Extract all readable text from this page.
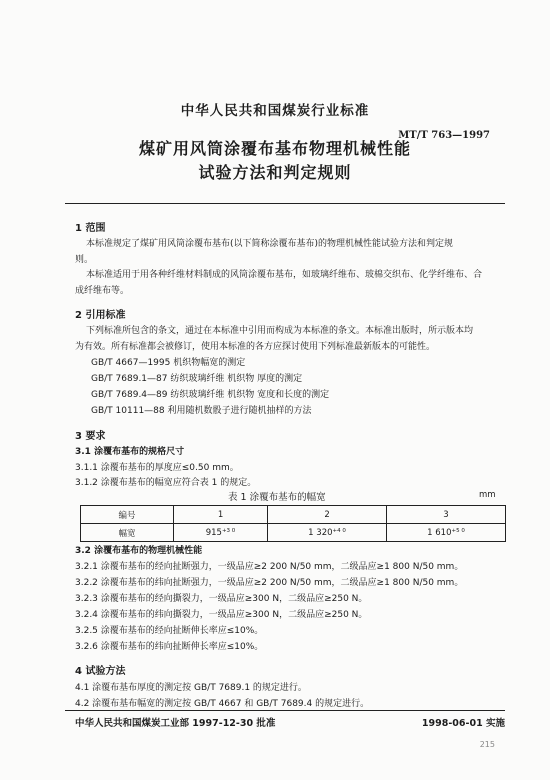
中华人民共和国煤炭行业标准
MT/T 763—1997
煤矿用风筒涂覆布基布物理机械性能
试验方法和判定规则
1 范围
本标准规定了煤矿用风筒涂覆布基布(以下简称涂覆布基布)的物理机械性能试验方法和判定规
则。
本标准适用于用各种纤维材料制成的风筒涂覆布基布，如玻璃纤维布、玻棉交织布、化学纤维布、合
成纤维布等。
2 引用标准
下列标准所包含的条文，通过在本标准中引用而构成为本标准的条文。本标准出版时，所示版本均
为有效。所有标准都会被修订，使用本标准的各方应探讨使用下列标准最新版本的可能性。
GB/T 4667—1995 机织物幅宽的测定
GB/T 7689.1—87 纺织玻璃纤维 机织物 厚度的测定
GB/T 7689.4—89 纺织玻璃纤维 机织物 宽度和长度的测定
GB/T 10111—88 利用随机数骰子进行随机抽样的方法
3 要求
3.1 涂覆布基布的规格尺寸
3.1.1 涂覆布基布的厚度应≤0.50 mm。
3.1.2 涂覆布基布的幅宽应符合表 1 的规定。
表 1 涂覆布基布的幅宽	mm
编号	1	2	3
幅宽	$915^{+3 0}$	1 $320^{+4 0}$	1 $610^{+5 0}$
3.2 涂覆布基布的物理机械性能
3.2.1 涂覆布基布的经向扯断强力，一级品应≥2 200 N/50 mm，二级品应≥1 800 N/50 mm。
3.2.2 涂覆布基布的纬向扯断强力，一级品应≥2 200 N/50 mm，二级品应≥1 800 N/50 mm。
3.2.3 涂覆布基布的经向撕裂力，一级品应≥300 N，二级品应≥250 N。
3.2.4 涂覆布基布的纬向撕裂力，一级品应≥300 N，二级品应≥250 N。
3.2.5 涂覆布基布的经向扯断伸长率应≤10%。
3.2.6 涂覆布基布的纬向扯断伸长率应≤10%。
4 试验方法
4.1 涂覆布基布厚度的测定按 GB/T 7689.1 的规定进行。
4.2 涂覆布基布幅宽的测定按 GB/T 4667 和 GB/T 7689.4 的规定进行。
中华人民共和国煤炭工业部 1997-12-30 批准	1998-06-01 实施
215
